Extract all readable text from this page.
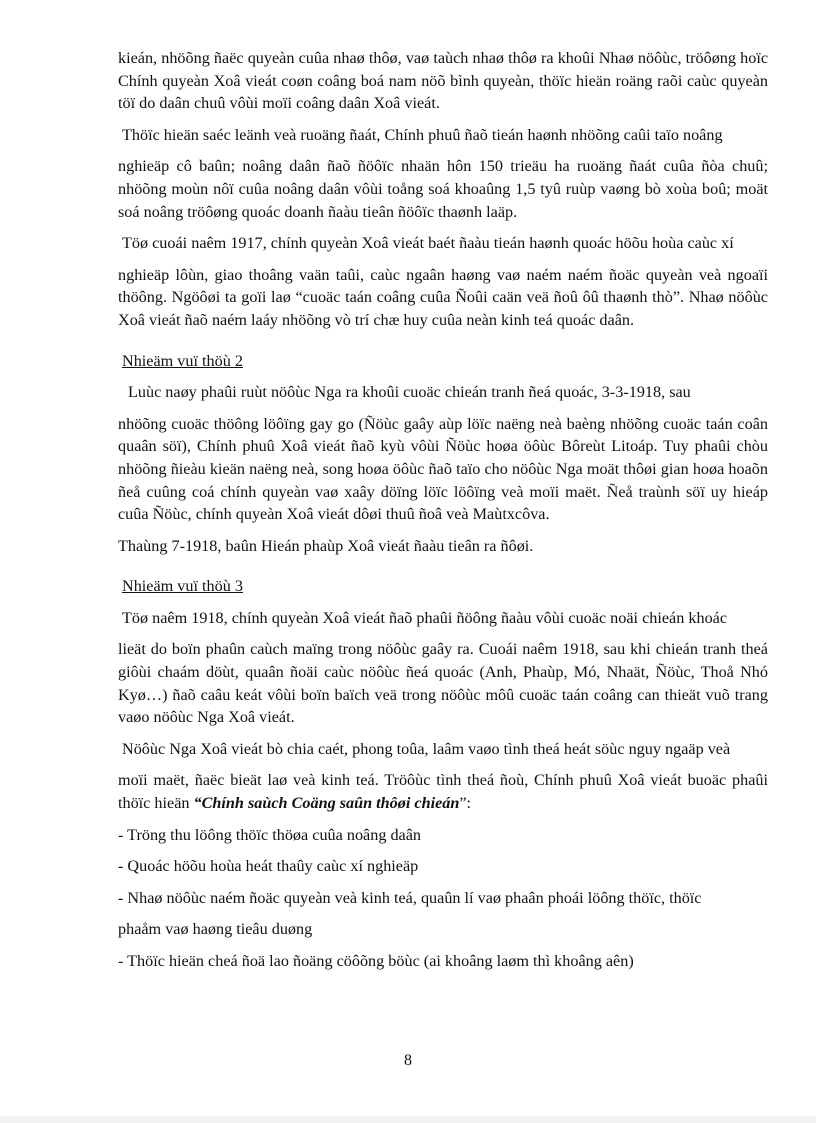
kieán, nhöõng ñaëc quyeàn cuûa nhaø thôø, vaø taùch nhaø thôø ra khoûi Nhaø nöôùc, tröôøng hoïc Chính quyeàn Xoâ vieát coøn coâng boá nam nöõ bình quyeàn, thöïc hieän roäng raõi caùc quyeàn töï do daân chuû vôùi moïi coâng daân Xoâ vieát.

Thöïc hieän saéc leänh veà ruoäng ñaát, Chính phuû ñaõ tieán haønh nhöõng caûi taïo noâng

nghieäp cô baûn; noâng daân ñaõ ñöôïc nhaän hôn 150 trieäu ha ruoäng ñaát cuûa ñòa chuû; nhöõng moùn nôï cuûa noâng daân vôùi toång soá khoaûng 1,5 tyû ruùp vaøng bò xoùa boû; moät soá noâng tröôøng quoác doanh ñaàu tieân ñöôïc thaønh laäp.

Töø cuoái naêm 1917, chính quyeàn Xoâ vieát baét ñaàu tieán haønh quoác höõu hoùa caùc xí

nghieäp lôùn, giao thoâng vaän taûi, caùc ngaân haøng vaø naém naém ñoäc quyeàn veà ngoaïi thöông. Ngöôøi ta goïi laø “cuoäc taán coâng cuûa Ñoûi caän veä ñoû ôû thaønh thò”. Nhaø nöôùc Xoâ vieát ñaõ naém laáy nhöõng vò trí chæ huy cuûa neàn kinh teá quoác daân.

Nhieäm vuï thöù 2

Luùc naøy phaûi ruùt nöôùc Nga ra khoûi cuoäc chieán tranh ñeá quoác, 3-3-1918, sau

nhöõng cuoäc thöông löôïng gay go (Ñöùc gaây aùp löïc naëng neà baèng nhöõng cuoäc taán coân quaân söï), Chính phuû Xoâ vieát ñaõ kyù vôùi Ñöùc hoøa öôùc Bôreùt Litoáp. Tuy phaûi chòu nhöõng ñieàu kieän naëng neà, song hoøa öôùc ñaõ taïo cho nöôùc Nga moät thôøi gian hoøa hoaõn ñeå cuûng coá chính quyeàn vaø xaây döïng löïc löôïng veà moïi maët. Ñeå traùnh söï uy hieáp cuûa Ñöùc, chính quyeàn Xoâ vieát dôøi thuû ñoâ veà Maùtxcôva.

Thaùng 7-1918, baûn Hieán phaùp Xoâ vieát ñaàu tieân ra ñôøi.

Nhieäm vuï thöù 3

Töø naêm 1918, chính quyeàn Xoâ vieát ñaõ phaûi ñöông ñaàu vôùi cuoäc noäi chieán khoác

lieät do boïn phaûn caùch maïng trong nöôùc gaây ra. Cuoái naêm 1918, sau khi chieán tranh theá giôùi chaám döùt, quaân ñoäi caùc nöôùc ñeá quoác (Anh, Phaùp, Mó, Nhaät, Ñöùc, Thoå Nhó Kyø…) ñaõ caâu keát vôùi boïn baïch veä trong nöôùc môû cuoäc taán coâng can thieät vuõ trang vaøo nöôùc Nga Xoâ vieát.

Nöôùc Nga Xoâ vieát bò chia caét, phong toûa, laâm vaøo tình theá heát söùc nguy ngaäp veà

moïi maët, ñaëc bieät laø veà kinh teá. Tröôùc tình theá ñoù, Chính phuû Xoâ vieát buoäc phaûi thöïc hieän “Chính saùch Coäng saûn thôøi chieán”:

- Tröng thu löông thöïc thöøa cuûa noâng daân

- Quoác höõu hoùa heát thaûy caùc xí nghieäp

- Nhaø nöôùc naém ñoäc quyeàn veà kinh teá, quaûn lí vaø phaân phoái löông thöïc, thöïc

phaåm vaø haøng tieâu duøng

- Thöïc hieän cheá ñoä lao ñoäng cöôõng böùc (ai khoâng laøm thì khoâng aên)

8
